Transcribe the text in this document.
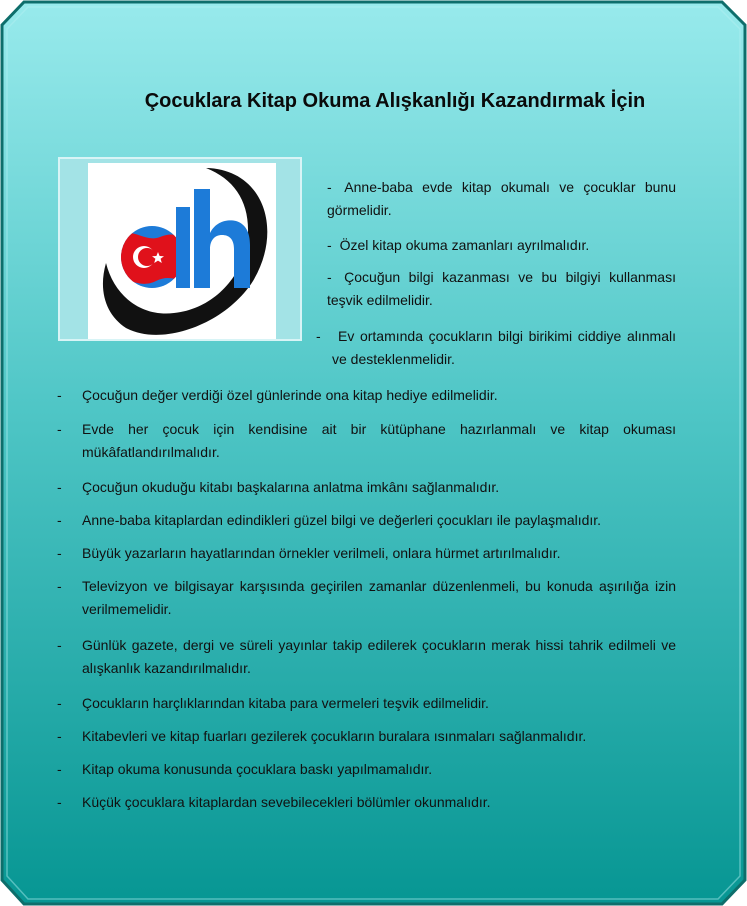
Çocuklara Kitap Okuma Alışkanlığı Kazandırmak İçin

- Anne-baba evde kitap okumalı ve çocuklar bunu görmelidir.

- Özel kitap okuma zamanları ayrılmalıdır.

- Çocuğun bilgi kazanması ve bu bilgiyi kullanması teşvik edilmelidir.

-	Ev ortamında çocukların bilgi birikimi ciddiye alınmalı ve desteklenmelidir.

- Çocuğun değer verdiği özel günlerinde ona kitap hediye edilmelidir.

- Evde her çocuk için kendisine ait bir kütüphane hazırlanmalı ve kitap okuması mükâfatlandırılmalıdır.

- Çocuğun okuduğu kitabı başkalarına anlatma imkânı sağlanmalıdır.

- Anne-baba kitaplardan edindikleri güzel bilgi ve değerleri çocukları ile paylaşmalıdır.

- Büyük yazarların hayatlarından örnekler verilmeli, onlara hürmet artırılmalıdır.

- Televizyon ve bilgisayar karşısında geçirilen zamanlar düzenlenmeli, bu konuda aşırılığa izin verilmemelidir.

- Günlük gazete, dergi ve süreli yayınlar takip edilerek çocukların merak hissi tahrik edilmeli ve alışkanlık kazandırılmalıdır.

- Çocukların harçlıklarından kitaba para vermeleri teşvik edilmelidir.

- Kitabevleri ve kitap fuarları gezilerek çocukların buralara ısınmaları sağlanmalıdır.

- Kitap okuma konusunda çocuklara baskı yapılmamalıdır.

- Küçük çocuklara kitaplardan sevebilecekleri bölümler okunmalıdır.
